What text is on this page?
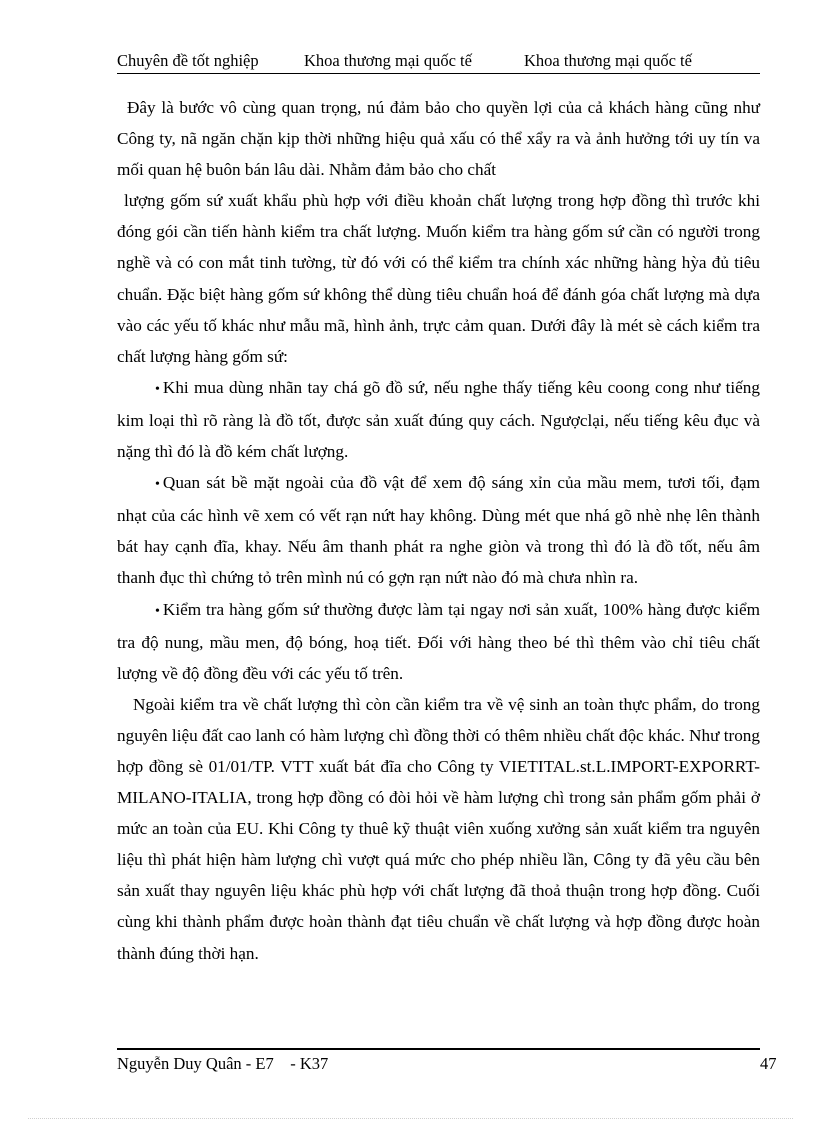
Chuyên đề tốt nghiệp	Khoa thương mại quốc tế	Khoa thương mại quốc tế

Đây là bước vô cùng quan trọng, nú đảm bảo cho quyền lợi của cả khách hàng cũng như Công ty, nã ngăn chặn kịp thời những hiệu quả xấu có thể xẩy ra và ảnh hưởng tới uy tín va mối quan hệ buôn bán lâu dài. Nhằm đảm bảo cho chất

lượng gốm sứ xuất khẩu phù hợp với điều khoản chất lượng trong hợp đồng thì trước khi đóng gói cần tiến hành kiểm tra chất lượng. Muốn kiểm tra hàng gốm sứ cần có người trong nghề và có con mắt tinh tường, từ đó với có thể kiểm tra chính xác những hàng hỳa đủ tiêu chuẩn. Đặc biệt hàng gốm sứ không thể dùng tiêu chuẩn hoá để đánh góa chất lượng mà dựa vào các yếu tố khác như mẫu mã, hình ảnh, trực cảm quan. Dưới đây là mét sè cách kiểm tra chất lượng hàng gốm sứ:

• Khi mua dùng nhãn tay chá gõ đồ sứ, nếu nghe thấy tiếng kêu coong cong như tiếng kim loại thì rõ ràng là đồ tốt, được sản xuất đúng quy cách. Ngượclại, nếu tiếng kêu đục và nặng thì đó là đồ kém chất lượng.

• Quan sát bề mặt ngoài của đồ vật để xem độ sáng xỉn của mầu mem, tươi tối, đạm nhạt của các hình vẽ xem có vết rạn nứt hay không. Dùng mét que nhá gõ nhè nhẹ lên thành bát hay cạnh đĩa, khay. Nếu âm thanh phát ra nghe giòn và trong thì đó là đồ tốt, nếu âm thanh đục thì chứng tỏ trên mình nú có gợn rạn nứt nào đó mà chưa nhìn ra.

• Kiểm tra hàng gốm sứ thường được làm tại ngay nơi sản xuất, 100% hàng được kiểm tra độ nung, mầu men, độ bóng, hoạ tiết. Đối với hàng theo bé thì thêm vào chỉ tiêu chất lượng về độ đồng đều với các yếu tố trên.

Ngoài kiểm tra về chất lượng thì còn cần kiểm tra về vệ sinh an toàn thực phẩm, do trong nguyên liệu đất cao lanh có hàm lượng chì đồng thời có thêm nhiều chất độc khác. Như trong hợp đồng sè 01/01/TP. VTT xuất bát đĩa cho Công ty VIETITAL.st.L.IMPORT-EXPORRT-MILANO-ITALIA, trong hợp đồng có đòi hỏi về hàm lượng chì trong sản phẩm gốm phải ở mức an toàn của EU. Khi Công ty thuê kỹ thuật viên xuống xưởng sản xuất kiểm tra nguyên liệu thì phát hiện hàm lượng chì vượt quá mức cho phép nhiều lần, Công ty đã yêu cầu bên sản xuất thay nguyên liệu khác phù hợp với chất lượng đã thoả thuận trong hợp đồng. Cuối cùng khi thành phẩm được hoàn thành đạt tiêu chuẩn về chất lượng và hợp đồng được hoàn thành đúng thời hạn.

Nguyễn Duy Quân - E7    - K37	47
